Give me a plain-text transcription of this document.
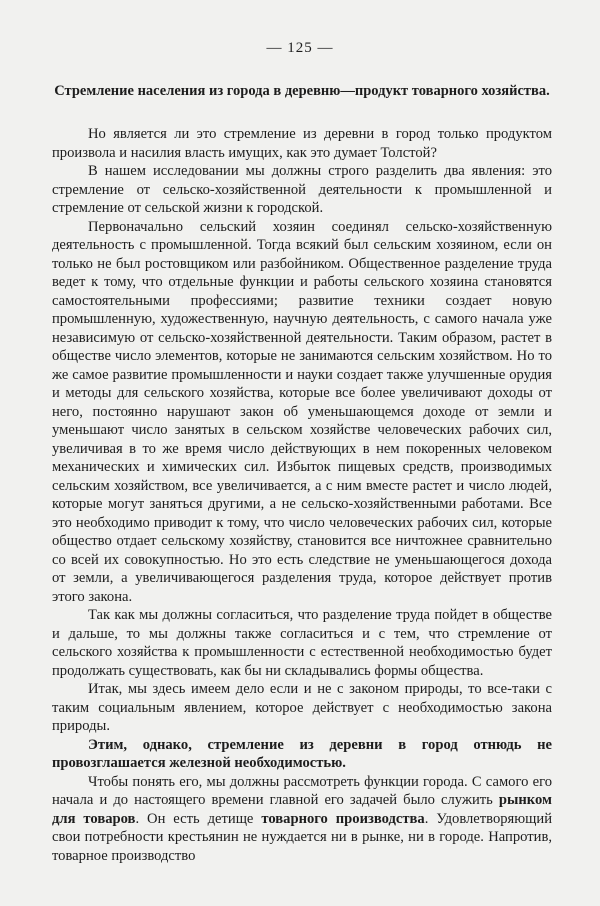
— 125 —
Стремление населения из города в деревню—продукт товарного хозяйства.

Но является ли это стремление из деревни в город только продуктом произвола и насилия власть имущих, как это думает Толстой?

В нашем исследовании мы должны строго разделить два явления: это стремление от сельско-хозяйственной деятельности к промышленной и стремление от сельской жизни к городской.

Первоначально сельский хозяин соединял сельско-хозяйственную деятельность с промышленной. Тогда всякий был сельским хозяином, если он только не был ростовщиком или разбойником. Общественное разделение труда ведет к тому, что отдельные функции и работы сельского хозяина становятся самостоятельными профессиями; развитие техники создает новую промышленную, художественную, научную деятельность, с самого начала уже независимую от сельско-хозяйственной деятельности. Таким образом, растет в обществе число элементов, которые не занимаются сельским хозяйством. Но то же самое развитие промышленности и науки создает также улучшенные орудия и методы для сельского хозяйства, которые все более увеличивают доходы от него, постоянно нарушают закон об уменьшающемся доходе от земли и уменьшают число занятых в сельском хозяйстве человеческих рабочих сил, увеличивая в то же время число действующих в нем покоренных человеком механических и химических сил. Избыток пищевых средств, производимых сельским хозяйством, все увеличивается, а с ним вместе растет и число людей, которые могут заняться другими, а не сельско-хозяйственными работами. Все это необходимо приводит к тому, что число человеческих рабочих сил, которые общество отдает сельскому хозяйству, становится все ничтожнее сравнительно со всей их совокупностью. Но это есть следствие не уменьшающегося дохода от земли, а увеличивающегося разделения труда, которое действует против этого закона.

Так как мы должны согласиться, что разделение труда пойдет в обществе и дальше, то мы должны также согласиться и с тем, что стремление от сельского хозяйства к промышленности с естественной необходимостью будет продолжать существовать, как бы ни складывались формы общества.

Итак, мы здесь имеем дело если и не с законом природы, то все-таки с таким социальным явлением, которое действует с необходимостью закона природы.

Этим, однако, стремление из деревни в город отнюдь не провозглашается железной необходимостью.

Чтобы понять его, мы должны рассмотреть функции города. С самого его начала и до настоящего времени главной его задачей было служить рынком для товаров. Он есть детище товарного производства. Удовлетворяющий свои потребности крестьянин не нуждается ни в рынке, ни в городе. Напротив, товарное производство
